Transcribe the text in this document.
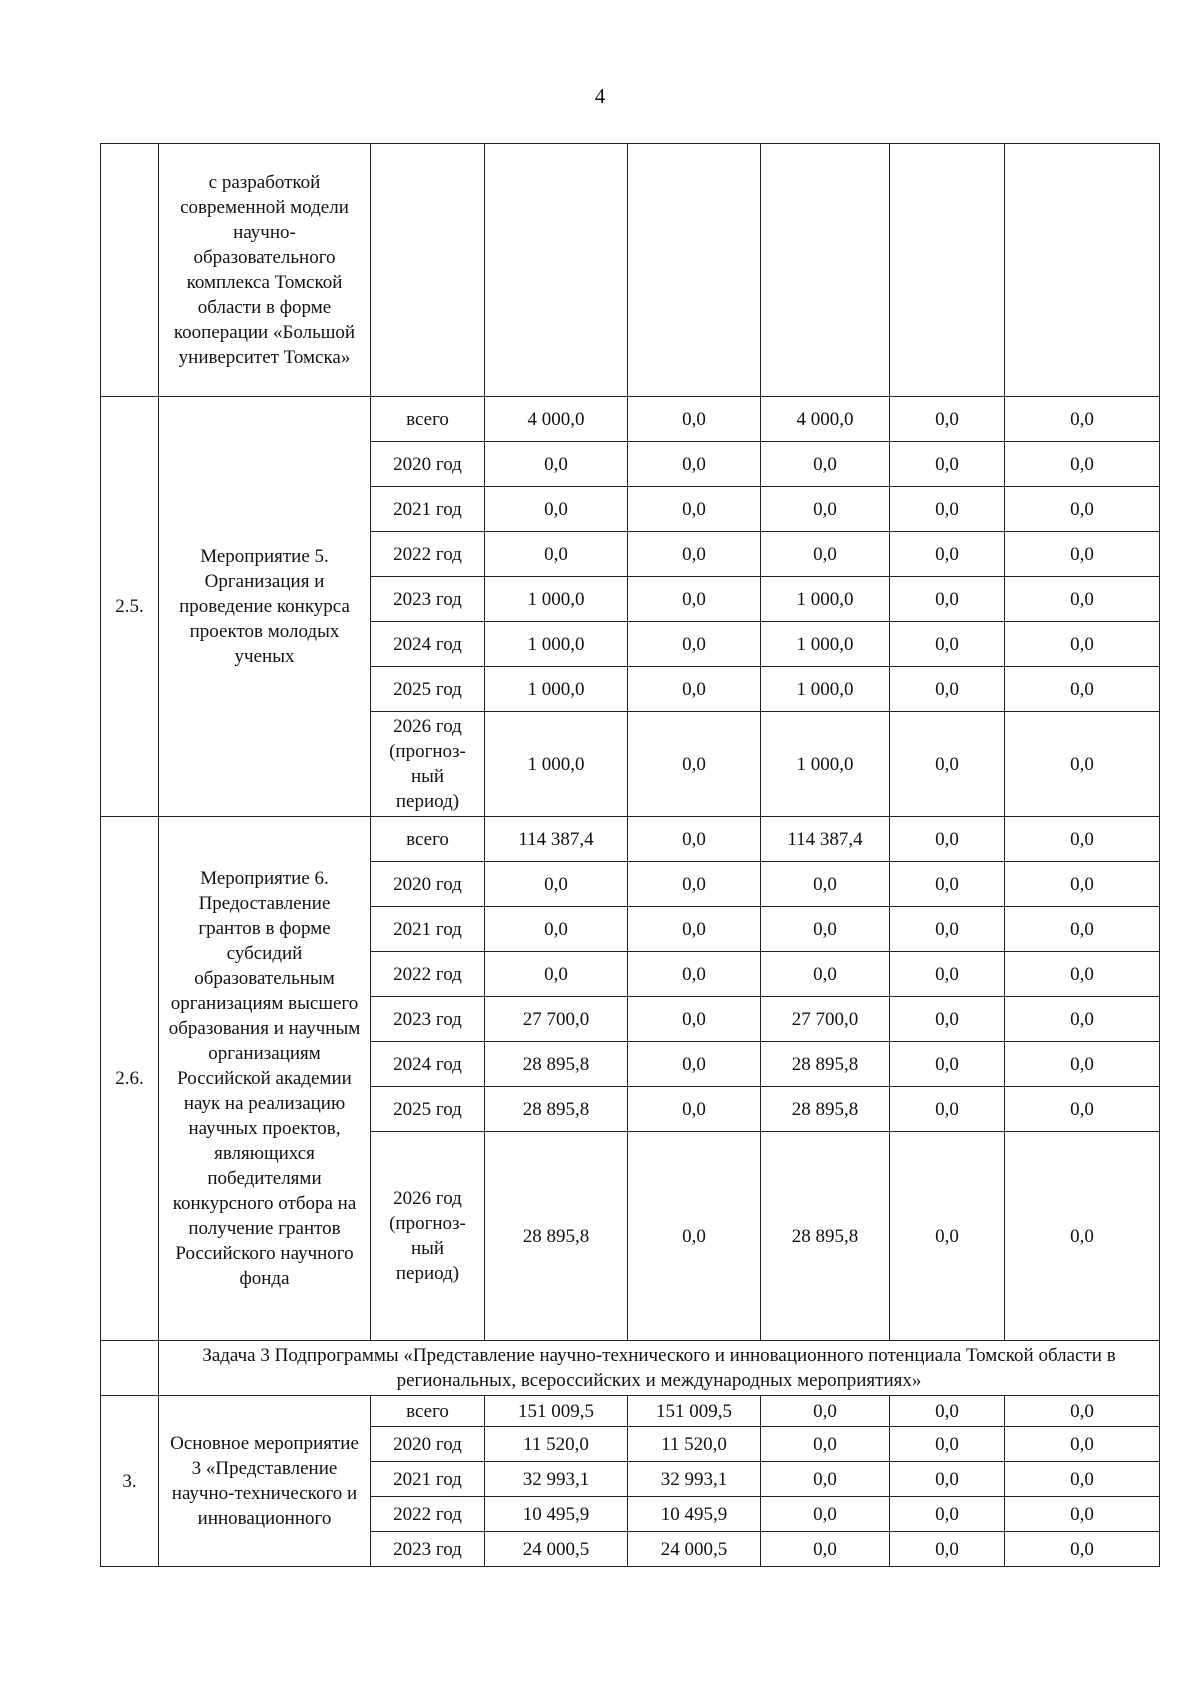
4
	с разработкой современной модели научно-образовательного комплекса Томской области в форме кооперации «Большой университет Томска»						
2.5.	Мероприятие 5. Организация и проведение конкурса проектов молодых ученых	всего	4 000,0	0,0	4 000,0	0,0	0,0
		2020 год	0,0	0,0	0,0	0,0	0,0
		2021 год	0,0	0,0	0,0	0,0	0,0
		2022 год	0,0	0,0	0,0	0,0	0,0
		2023 год	1 000,0	0,0	1 000,0	0,0	0,0
		2024 год	1 000,0	0,0	1 000,0	0,0	0,0
		2025 год	1 000,0	0,0	1 000,0	0,0	0,0
		2026 год (прогноз-ный период)	1 000,0	0,0	1 000,0	0,0	0,0
2.6.	Мероприятие 6. Предоставление грантов в форме субсидий образовательным организациям высшего образования и научным организациям Российской академии наук на реализацию научных проектов, являющихся победителями конкурсного отбора на получение грантов Российского научного фонда	всего	114 387,4	0,0	114 387,4	0,0	0,0
		2020 год	0,0	0,0	0,0	0,0	0,0
		2021 год	0,0	0,0	0,0	0,0	0,0
		2022 год	0,0	0,0	0,0	0,0	0,0
		2023 год	27 700,0	0,0	27 700,0	0,0	0,0
		2024 год	28 895,8	0,0	28 895,8	0,0	0,0
		2025 год	28 895,8	0,0	28 895,8	0,0	0,0
		2026 год (прогноз-ный период)	28 895,8	0,0	28 895,8	0,0	0,0
	Задача 3 Подпрограммы «Представление научно-технического и инновационного потенциала Томской области в региональных, всероссийских и международных мероприятиях»						
3.	Основное мероприятие 3 «Представление научно-технического и инновационного	всего	151 009,5	151 009,5	0,0	0,0	0,0
		2020 год	11 520,0	11 520,0	0,0	0,0	0,0
		2021 год	32 993,1	32 993,1	0,0	0,0	0,0
		2022 год	10 495,9	10 495,9	0,0	0,0	0,0
		2023 год	24 000,5	24 000,5	0,0	0,0	0,0
